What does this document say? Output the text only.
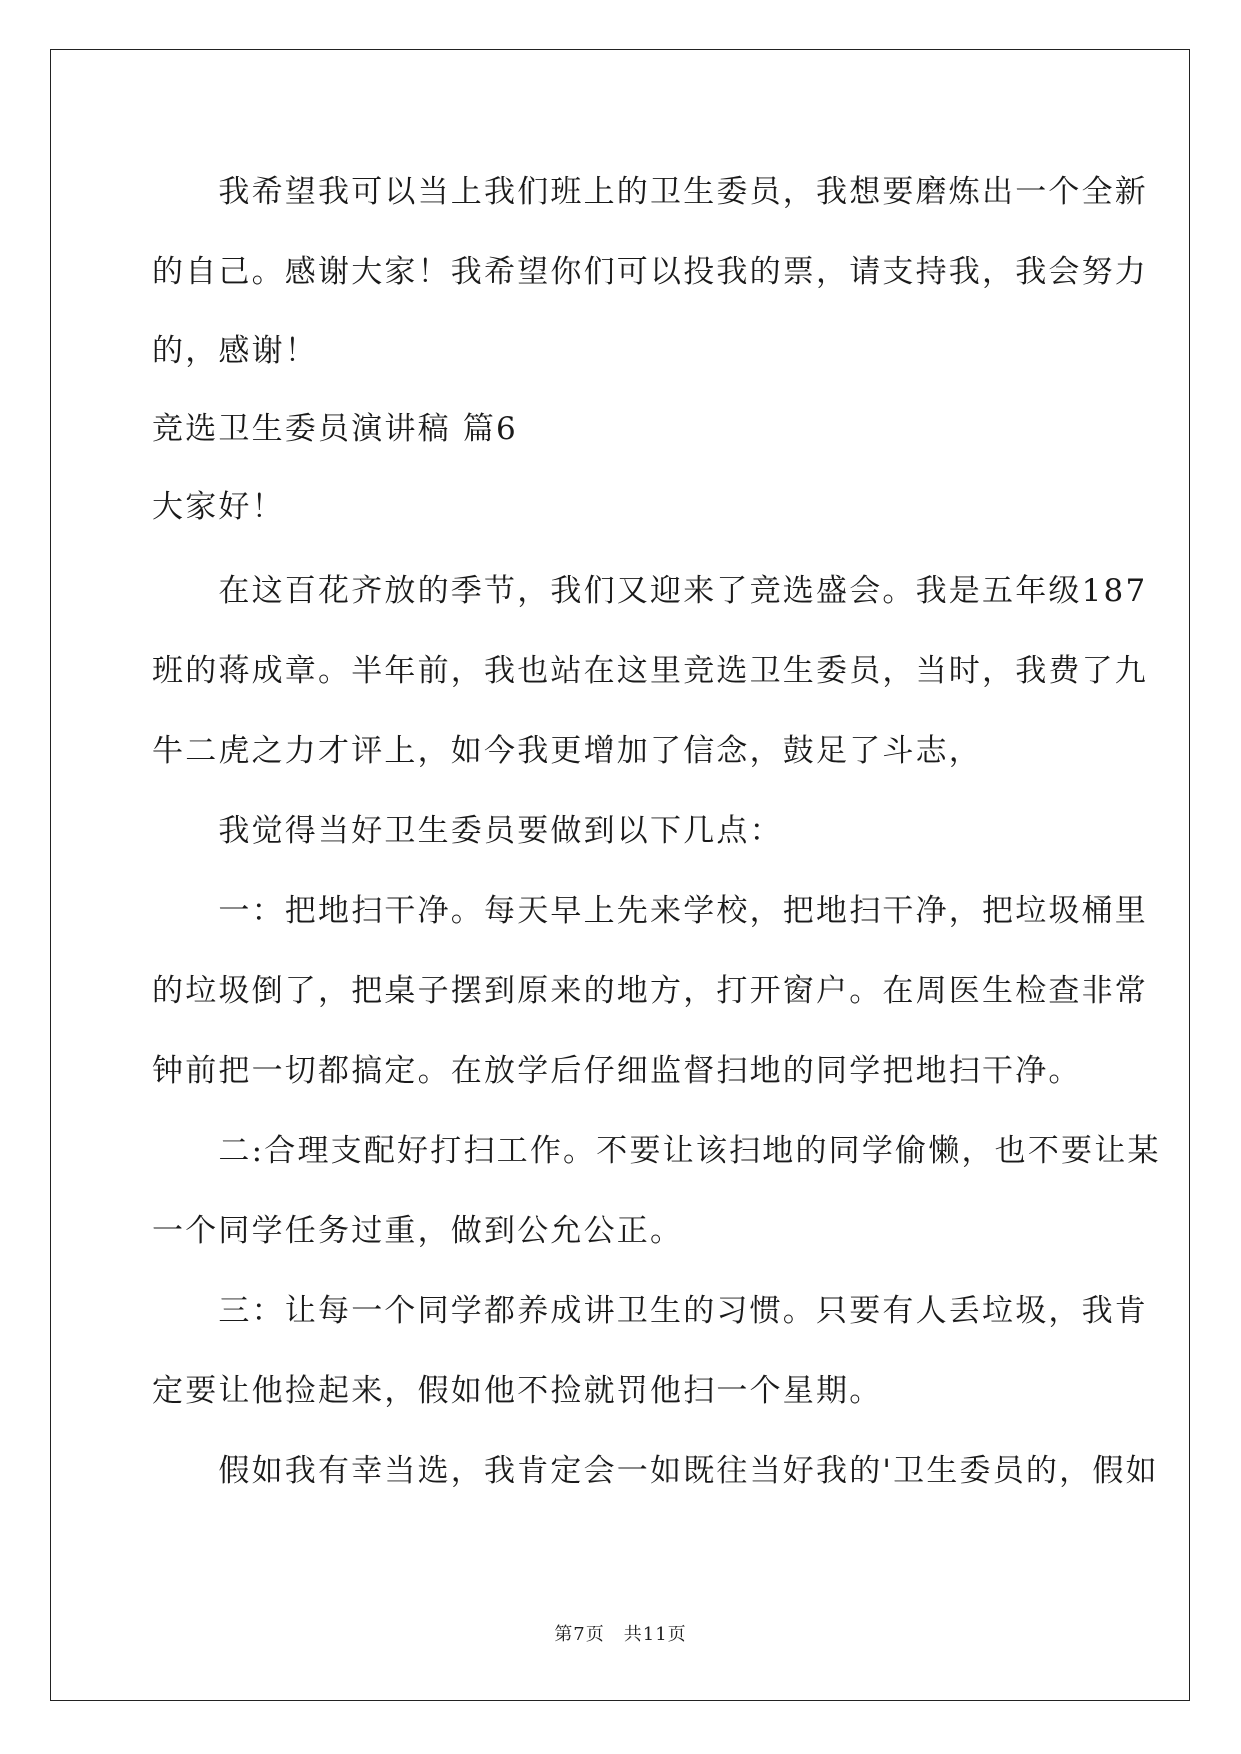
　　我希望我可以当上我们班上的卫生委员，我想要磨炼出一个全新
的自己。感谢大家！我希望你们可以投我的票，请支持我，我会努力
的，感谢！
竞选卫生委员演讲稿 篇6
大家好！
　　在这百花齐放的季节，我们又迎来了竞选盛会。我是五年级187
班的蒋成章。半年前，我也站在这里竞选卫生委员，当时，我费了九
牛二虎之力才评上，如今我更增加了信念，鼓足了斗志，
　　我觉得当好卫生委员要做到以下几点：
　　一：把地扫干净。每天早上先来学校，把地扫干净，把垃圾桶里
的垃圾倒了，把桌子摆到原来的地方，打开窗户。在周医生检查非常
钟前把一切都搞定。在放学后仔细监督扫地的同学把地扫干净。
　　二:合理支配好打扫工作。不要让该扫地的同学偷懒，也不要让某
一个同学任务过重，做到公允公正。
　　三：让每一个同学都养成讲卫生的习惯。只要有人丢垃圾，我肯
定要让他捡起来，假如他不捡就罚他扫一个星期。
　　假如我有幸当选，我肯定会一如既往当好我的'卫生委员的，假如
第7页　共11页
